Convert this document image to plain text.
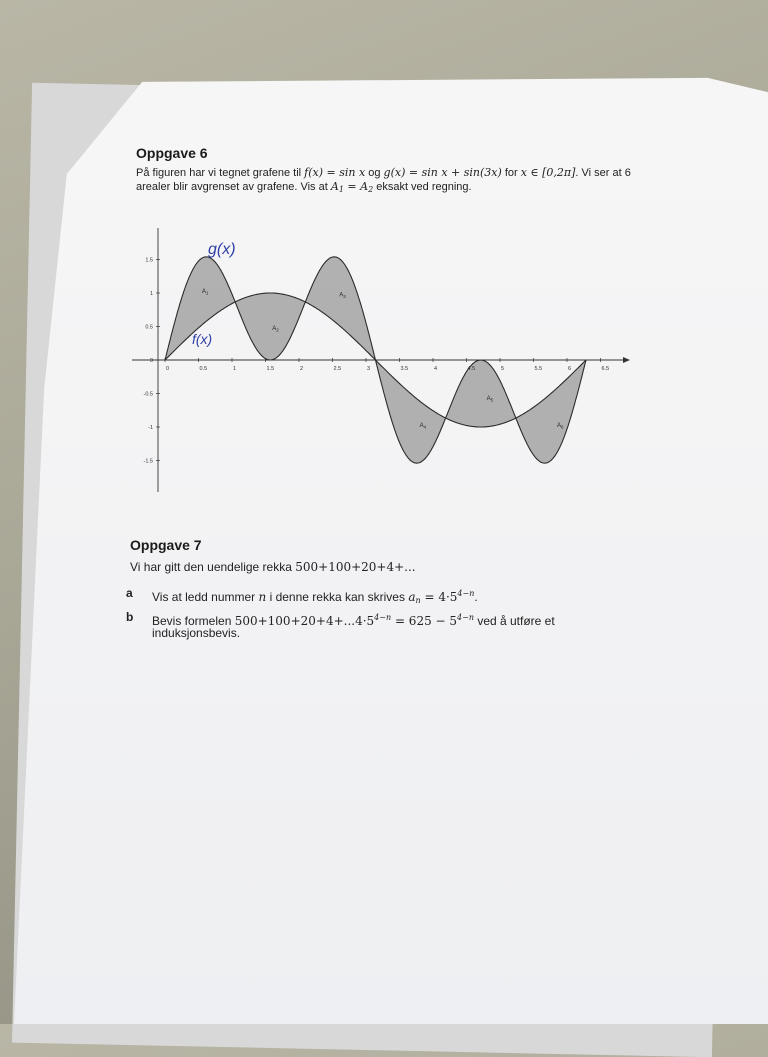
Oppgave 6
På figuren har vi tegnet grafene til f(x) = sin x og g(x) = sin x + sin(3x) for x ∈ [0,2π]. Vi ser at 6
arealer blir avgrenset av grafene. Vis at $A_1 = A_2$ eksakt ved regning.
0	0.5	1	1.5	2	2.5	3	3.5	4	4.5	5	5.5	6	6.5
1.5
1
0.5
0
-0.5
-1
-1.5
$A_1$
$A_2$
$A_3$
$A_4$
$A_5$
$A_6$
g(x)
f(x)
Oppgave 7
Vi har gitt den uendelige rekka 500+100+20+4+...
a Vis at ledd nummer n i denne rekka kan skrives $a_n = 4\cdot 5^{4-n}$.
b Bevis formelen $500+100+20+4+...4\cdot 5^{4-n} = 625 - 5^{4-n}$ ved å utføre et
induksjonsbevis.
